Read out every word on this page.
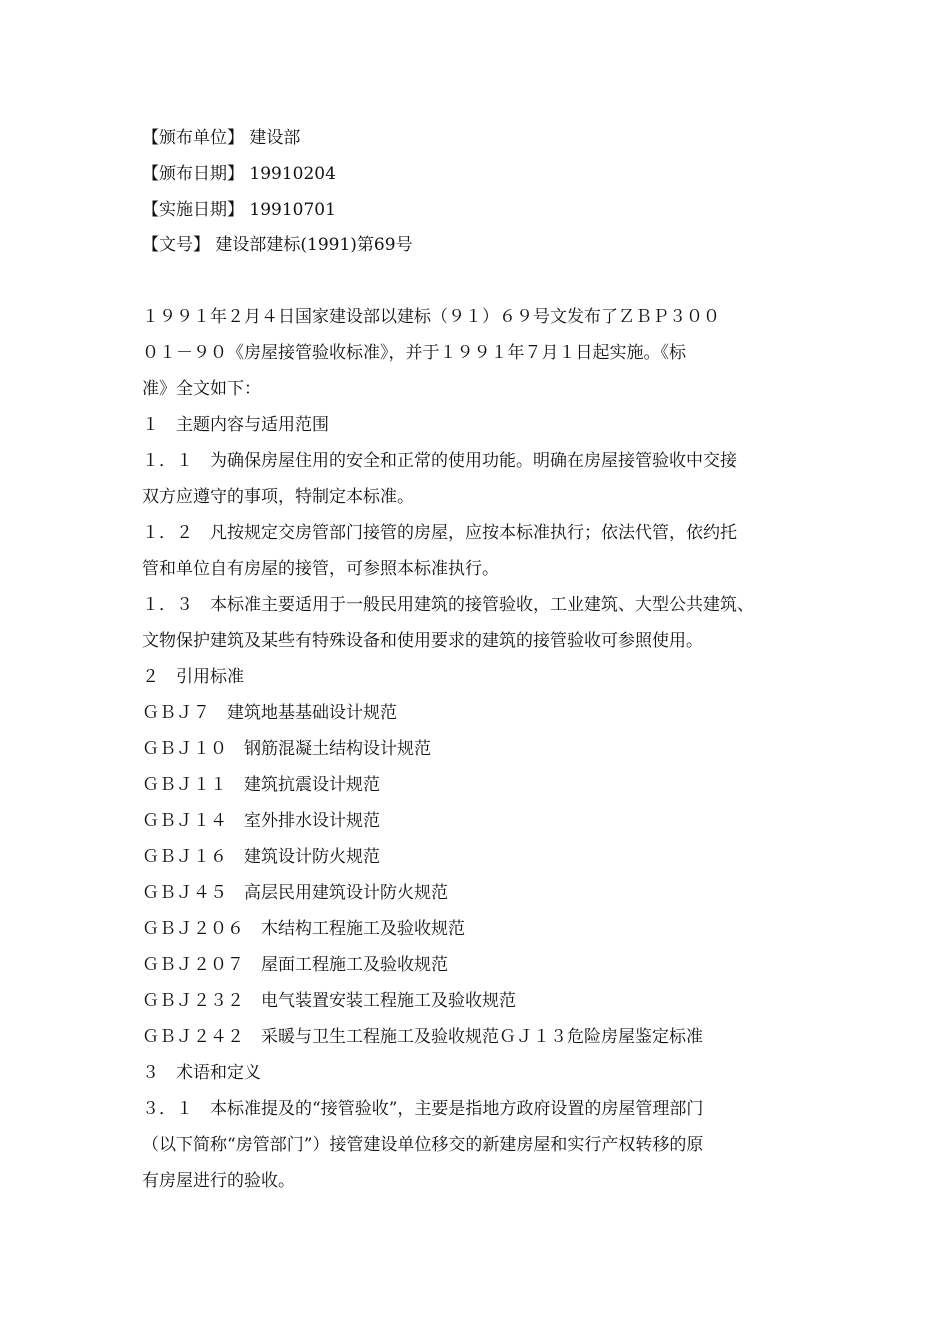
【颁布单位】 建设部
【颁布日期】 19910204
【实施日期】 19910701
【文号】 建设部建标(1991)第69号
１９９１年２月４日国家建设部以建标（９１）６９号文发布了ＺＢＰ３００
０１－９０《房屋接管验收标准》，并于１９９１年７月１日起实施。《标
准》全文如下：
１　主题内容与适用范围
１．１　为确保房屋住用的安全和正常的使用功能。明确在房屋接管验收中交接
双方应遵守的事项，特制定本标准。
１．２　凡按规定交房管部门接管的房屋，应按本标准执行；依法代管，依约托
管和单位自有房屋的接管，可参照本标准执行。
１．３　本标准主要适用于一般民用建筑的接管验收，工业建筑、大型公共建筑、
文物保护建筑及某些有特殊设备和使用要求的建筑的接管验收可参照使用。
２　引用标准
ＧＢＪ７　建筑地基基础设计规范
ＧＢＪ１０　钢筋混凝土结构设计规范
ＧＢＪ１１　建筑抗震设计规范
ＧＢＪ１４　室外排水设计规范
ＧＢＪ１６　建筑设计防火规范
ＧＢＪ４５　高层民用建筑设计防火规范
ＧＢＪ２０６　木结构工程施工及验收规范
ＧＢＪ２０７　屋面工程施工及验收规范
ＧＢＪ２３２　电气装置安装工程施工及验收规范
ＧＢＪ２４２　采暖与卫生工程施工及验收规范ＧＪ１３危险房屋鉴定标准
３　术语和定义
３．１　本标准提及的“接管验收”，主要是指地方政府设置的房屋管理部门
（以下简称“房管部门”）接管建设单位移交的新建房屋和实行产权转移的原
有房屋进行的验收。
